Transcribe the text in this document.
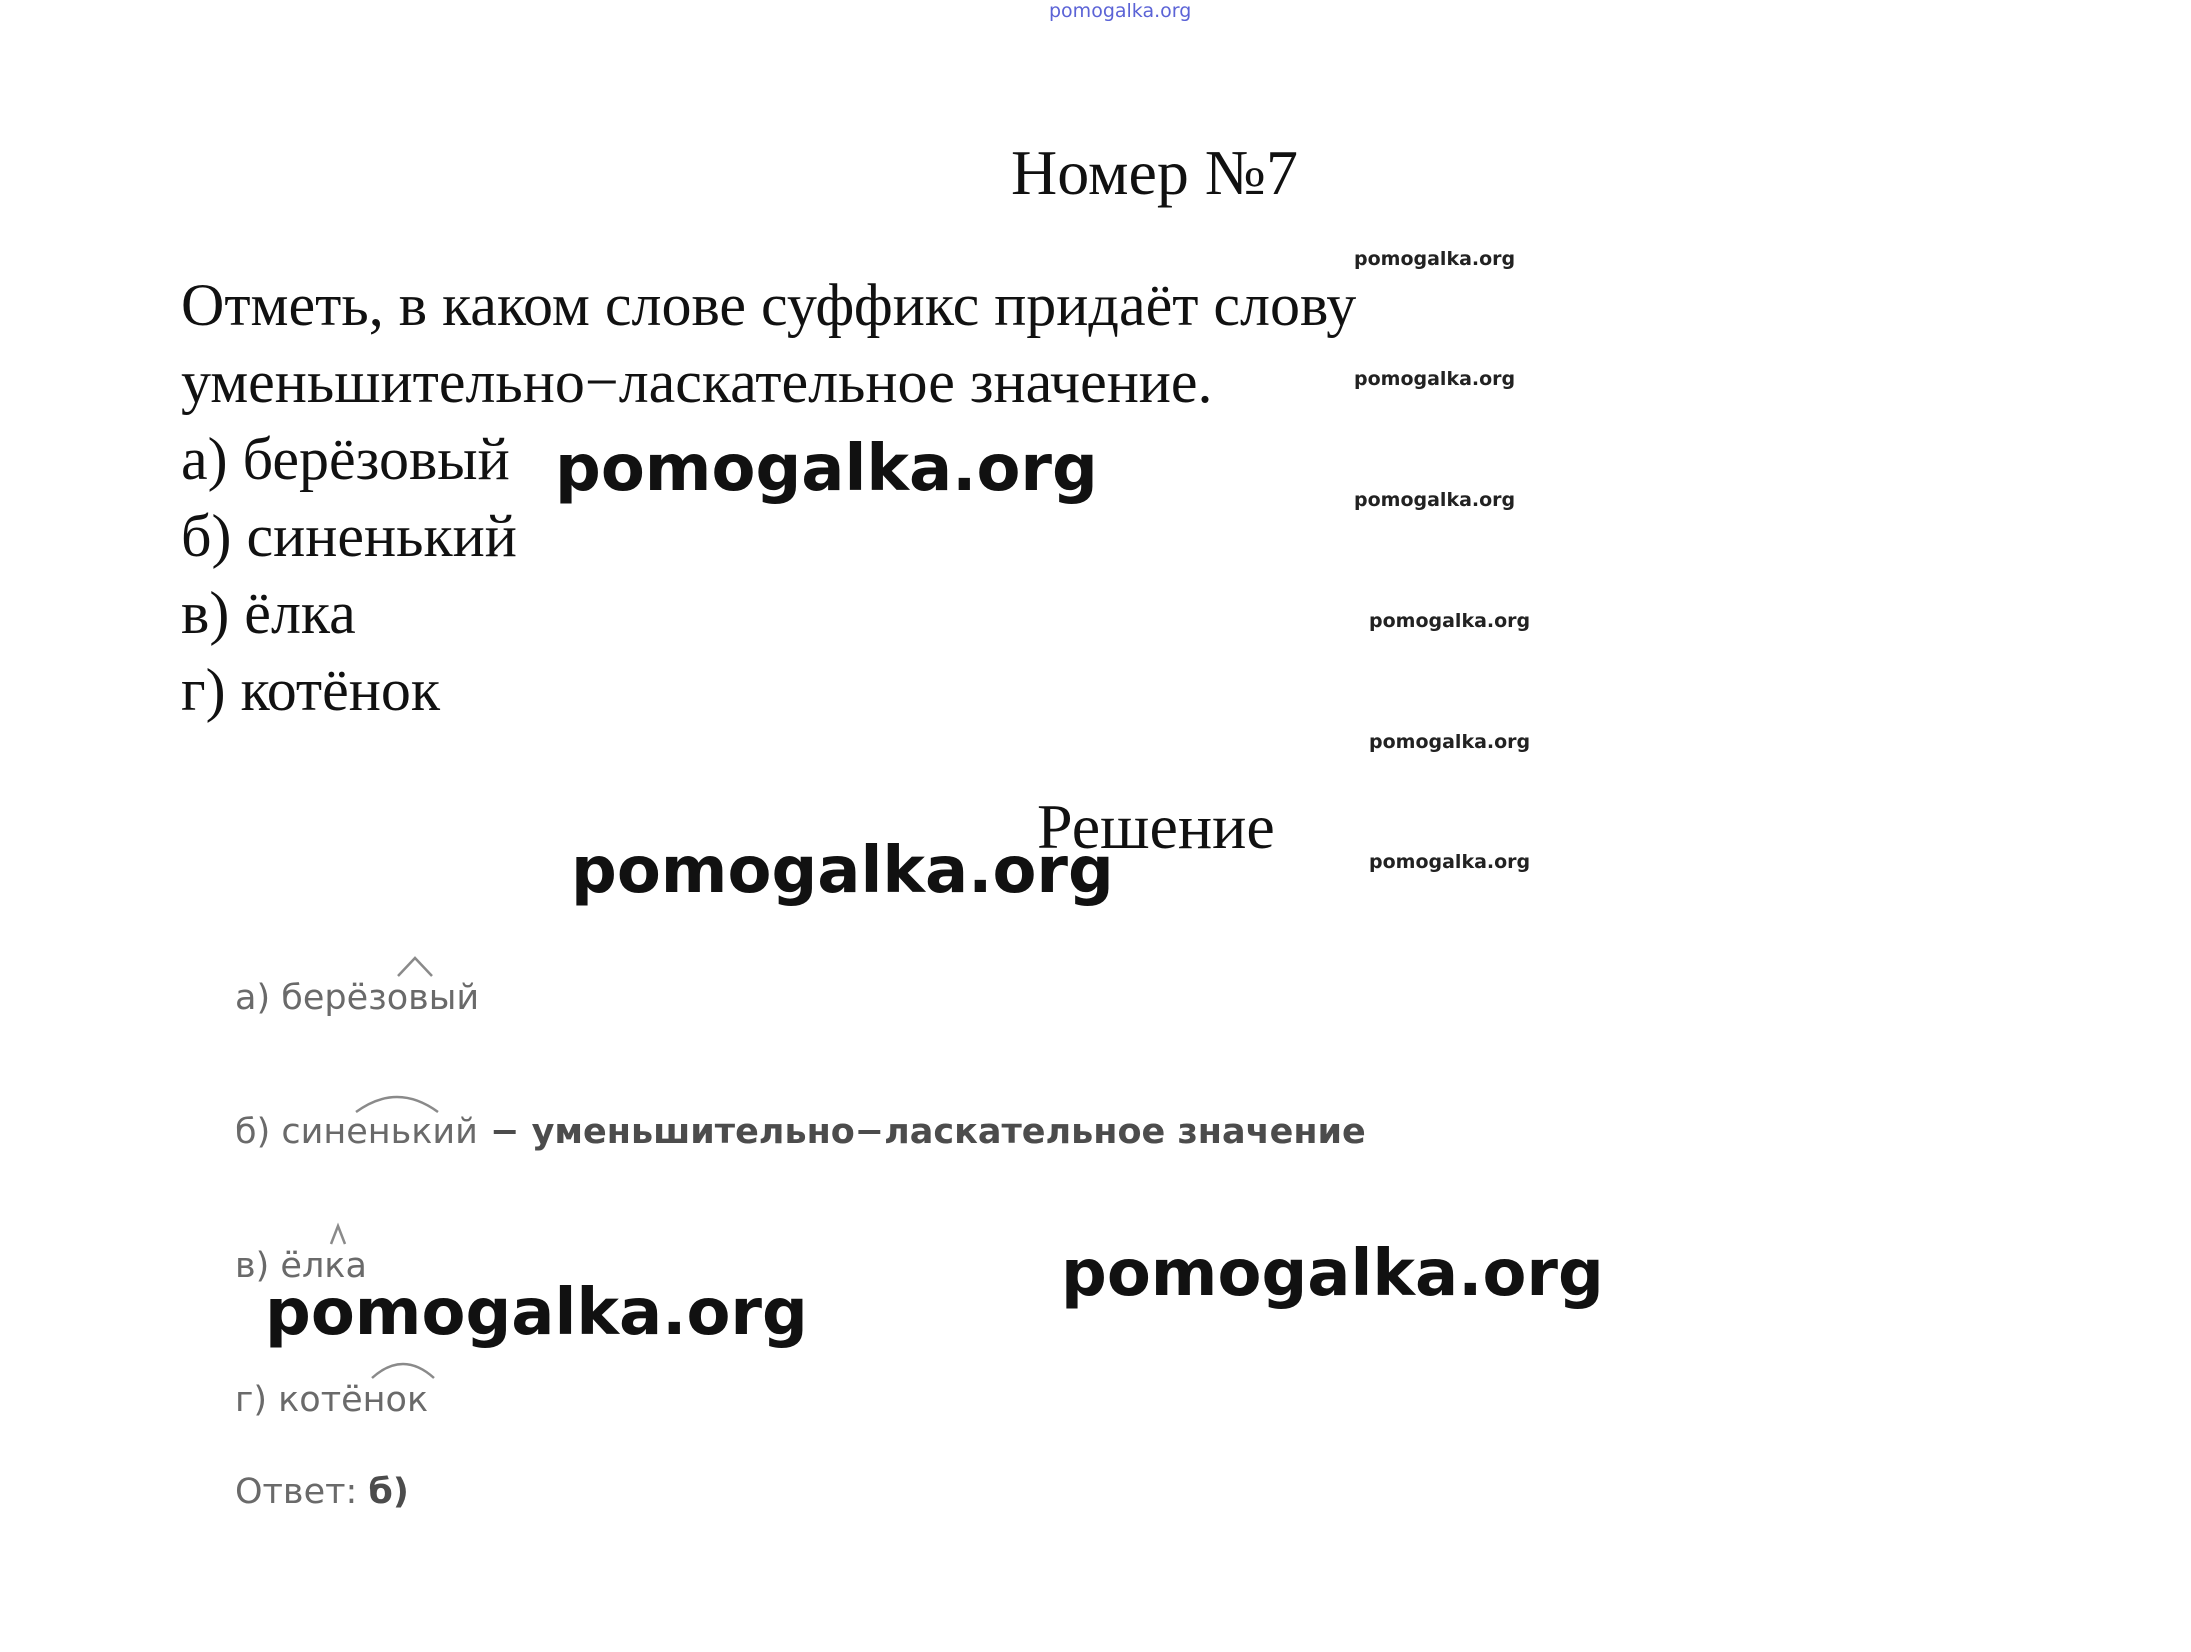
pomogalka.org
Номер №7
Отметь, в каком слове суффикс придаёт слову
уменьшительно−ласкательное значение.
а) берёзовый
б) синенький
в) ёлка
г) котёнок
Решение
а) берёзовый
б) синенький − уменьшительно−ласкательное значение
в) ёлка
г) котёнок
Ответ: б)
pomogalka.org
pomogalka.org
pomogalka.org
pomogalka.org
pomogalka.org
pomogalka.org
pomogalka.org
pomogalka.org
pomogalka.org
pomogalka.org
